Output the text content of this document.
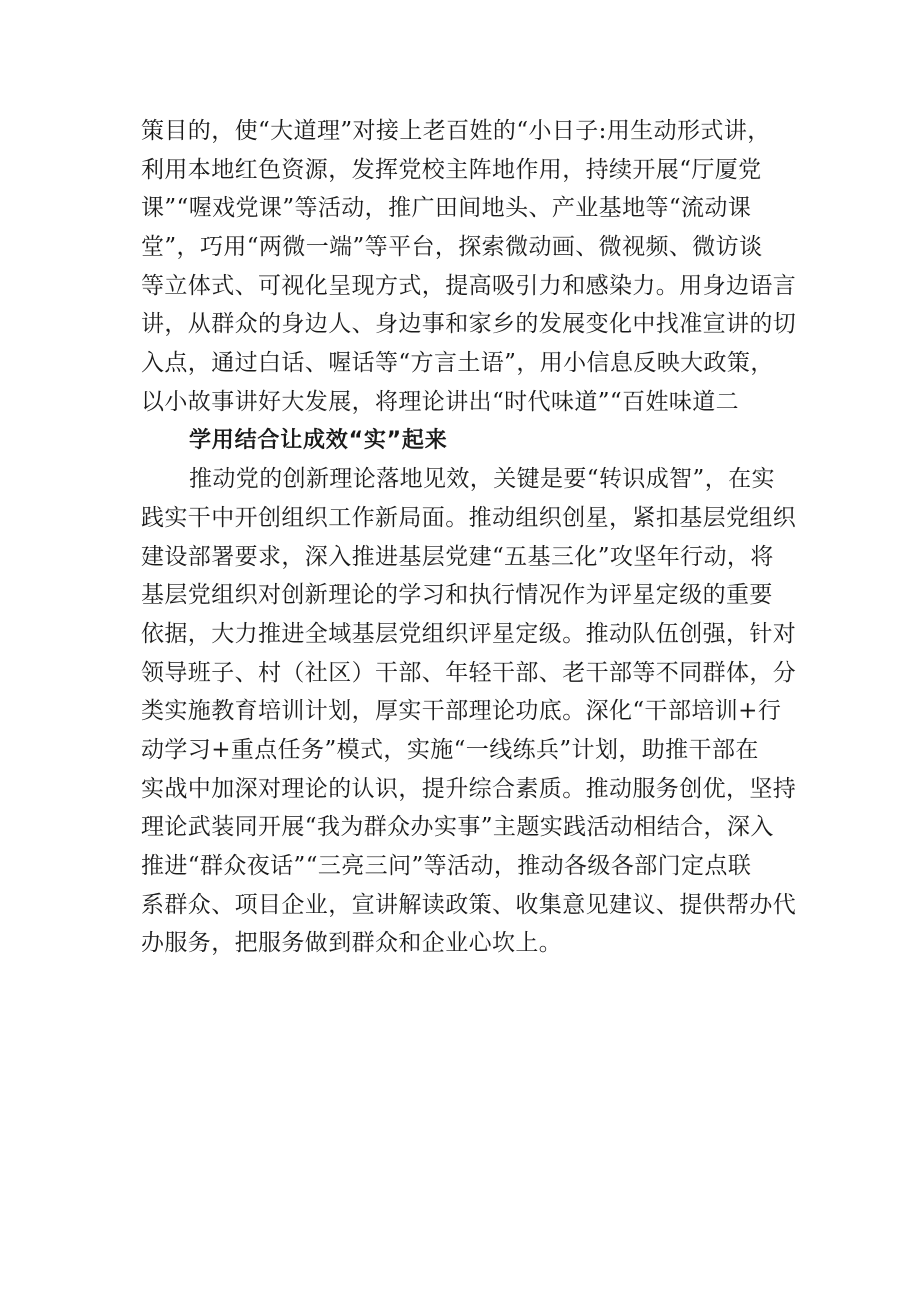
策目的，使“大道理”对接上老百姓的“小日子:用生动形式讲，
利用本地红色资源，发挥党校主阵地作用，持续开展“厅厦党
课”“喔戏党课”等活动，推广田间地头、产业基地等“流动课
堂”，巧用“两微一端”等平台，探索微动画、微视频、微访谈
等立体式、可视化呈现方式，提高吸引力和感染力。用身边语言
讲，从群众的身边人、身边事和家乡的发展变化中找准宣讲的切
入点，通过白话、喔话等“方言土语”，用小信息反映大政策，
以小故事讲好大发展，将理论讲出“时代味道”“百姓味道二
学用结合让成效“实”起来
推动党的创新理论落地见效，关键是要“转识成智”，在实
践实干中开创组织工作新局面。推动组织创星，紧扣基层党组织
建设部署要求，深入推进基层党建“五基三化”攻坚年行动，将
基层党组织对创新理论的学习和执行情况作为评星定级的重要
依据，大力推进全域基层党组织评星定级。推动队伍创强，针对
领导班子、村（社区）干部、年轻干部、老干部等不同群体，分
类实施教育培训计划，厚实干部理论功底。深化“干部培训+行
动学习+重点任务”模式，实施“一线练兵”计划，助推干部在
实战中加深对理论的认识，提升综合素质。推动服务创优，坚持
理论武装同开展“我为群众办实事”主题实践活动相结合，深入
推进“群众夜话”“三亮三问”等活动，推动各级各部门定点联
系群众、项目企业，宣讲解读政策、收集意见建议、提供帮办代
办服务，把服务做到群众和企业心坎上。
